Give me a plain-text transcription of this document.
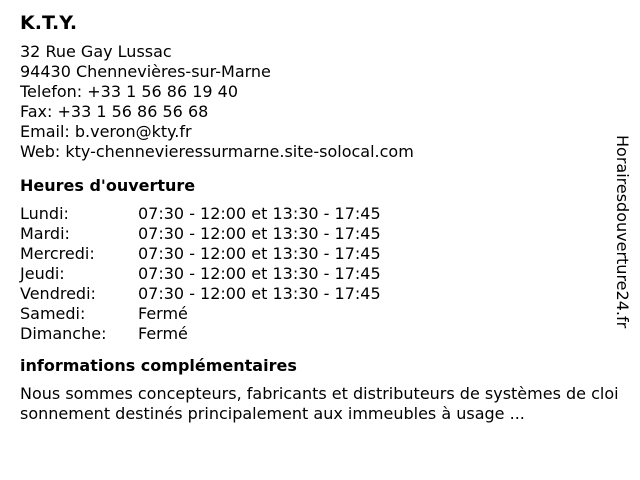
K.T.Y.
32 Rue Gay Lussac
94430 Chennevières-sur-Marne
Telefon: +33 1 56 86 19 40
Fax: +33 1 56 86 56 68
Email: b.veron@kty.fr
Web: kty-chennevieressurmarne.site-solocal.com
Heures d'ouverture
Lundi:	07:30 - 12:00 et 13:30 - 17:45
Mardi:	07:30 - 12:00 et 13:30 - 17:45
Mercredi:	07:30 - 12:00 et 13:30 - 17:45
Jeudi:	07:30 - 12:00 et 13:30 - 17:45
Vendredi:	07:30 - 12:00 et 13:30 - 17:45
Samedi:	Fermé
Dimanche:	Fermé
informations complémentaires
Nous sommes concepteurs, fabricants et distributeurs de systèmes de cloisonnement destinés principalement aux immeubles à usage ...
Horairesdouverture24.fr
